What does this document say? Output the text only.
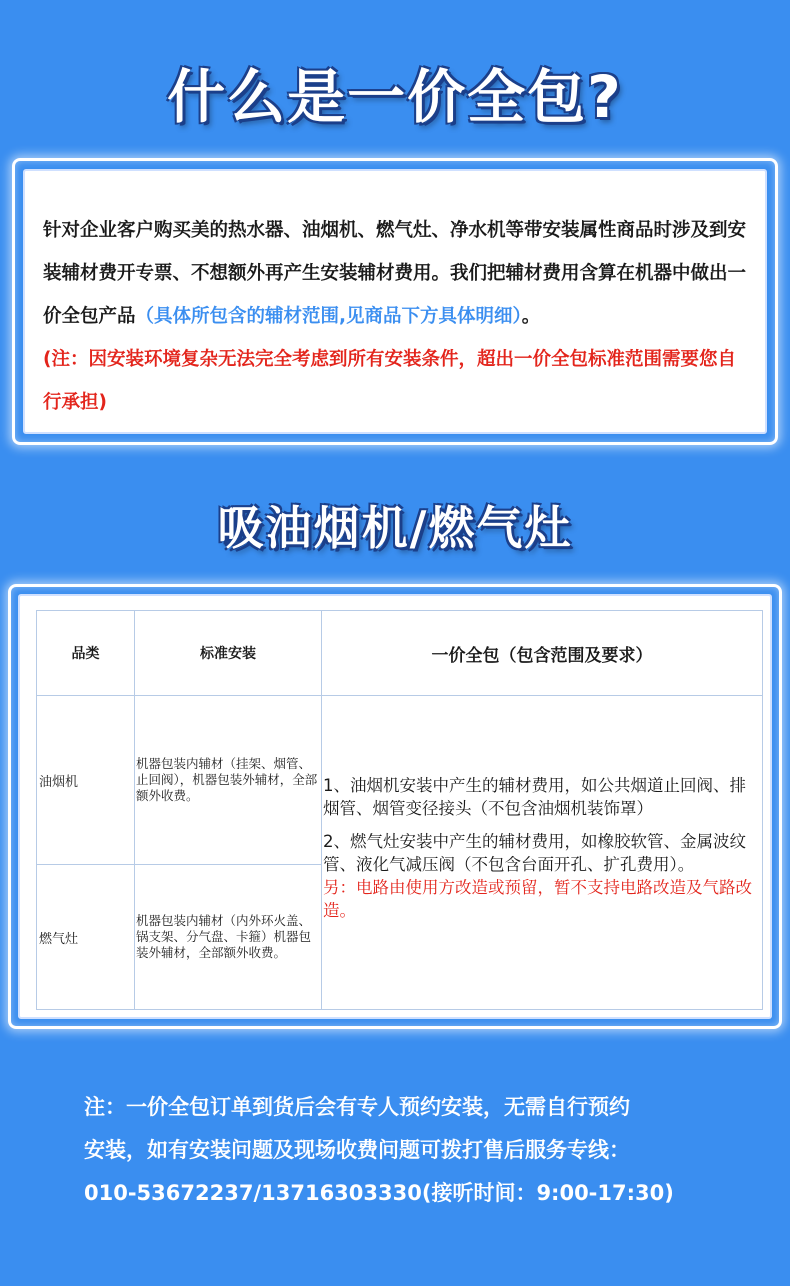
什么是一价全包?
针对企业客户购买美的热水器、油烟机、燃气灶、净水机等带安装属性商品时涉及到安装辅材费开专票、不想额外再产生安装辅材费用。我们把辅材费用含算在机器中做出一价全包产品（具体所包含的辅材范围,见商品下方具体明细）。
(注：因安装环境复杂无法完全考虑到所有安装条件，超出一价全包标准范围需要您自行承担)
吸油烟机/燃气灶
品类	标准安装	一价全包（包含范围及要求）
油烟机	机器包装内辅材（挂架、烟管、止回阀），机器包装外辅材，全部额外收费。	1、油烟机安装中产生的辅材费用，如公共烟道止回阀、排烟管、烟管变径接头（不包含油烟机装饰罩）

2、燃气灶安装中产生的辅材费用，如橡胶软管、金属波纹管、液化气减压阀（不包含台面开孔、扩孔费用）。

另：电路由使用方改造或预留，暂不支持电路改造及气路改造。

燃气灶	机器包装内辅材（内外环火盖、锅支架、分气盘、卡箍）机器包装外辅材，全部额外收费。	
注：一价全包订单到货后会有专人预约安装，无需自行预约
安装，如有安装问题及现场收费问题可拨打售后服务专线：
010-53672237/13716303330(接听时间：9:00-17:30)
